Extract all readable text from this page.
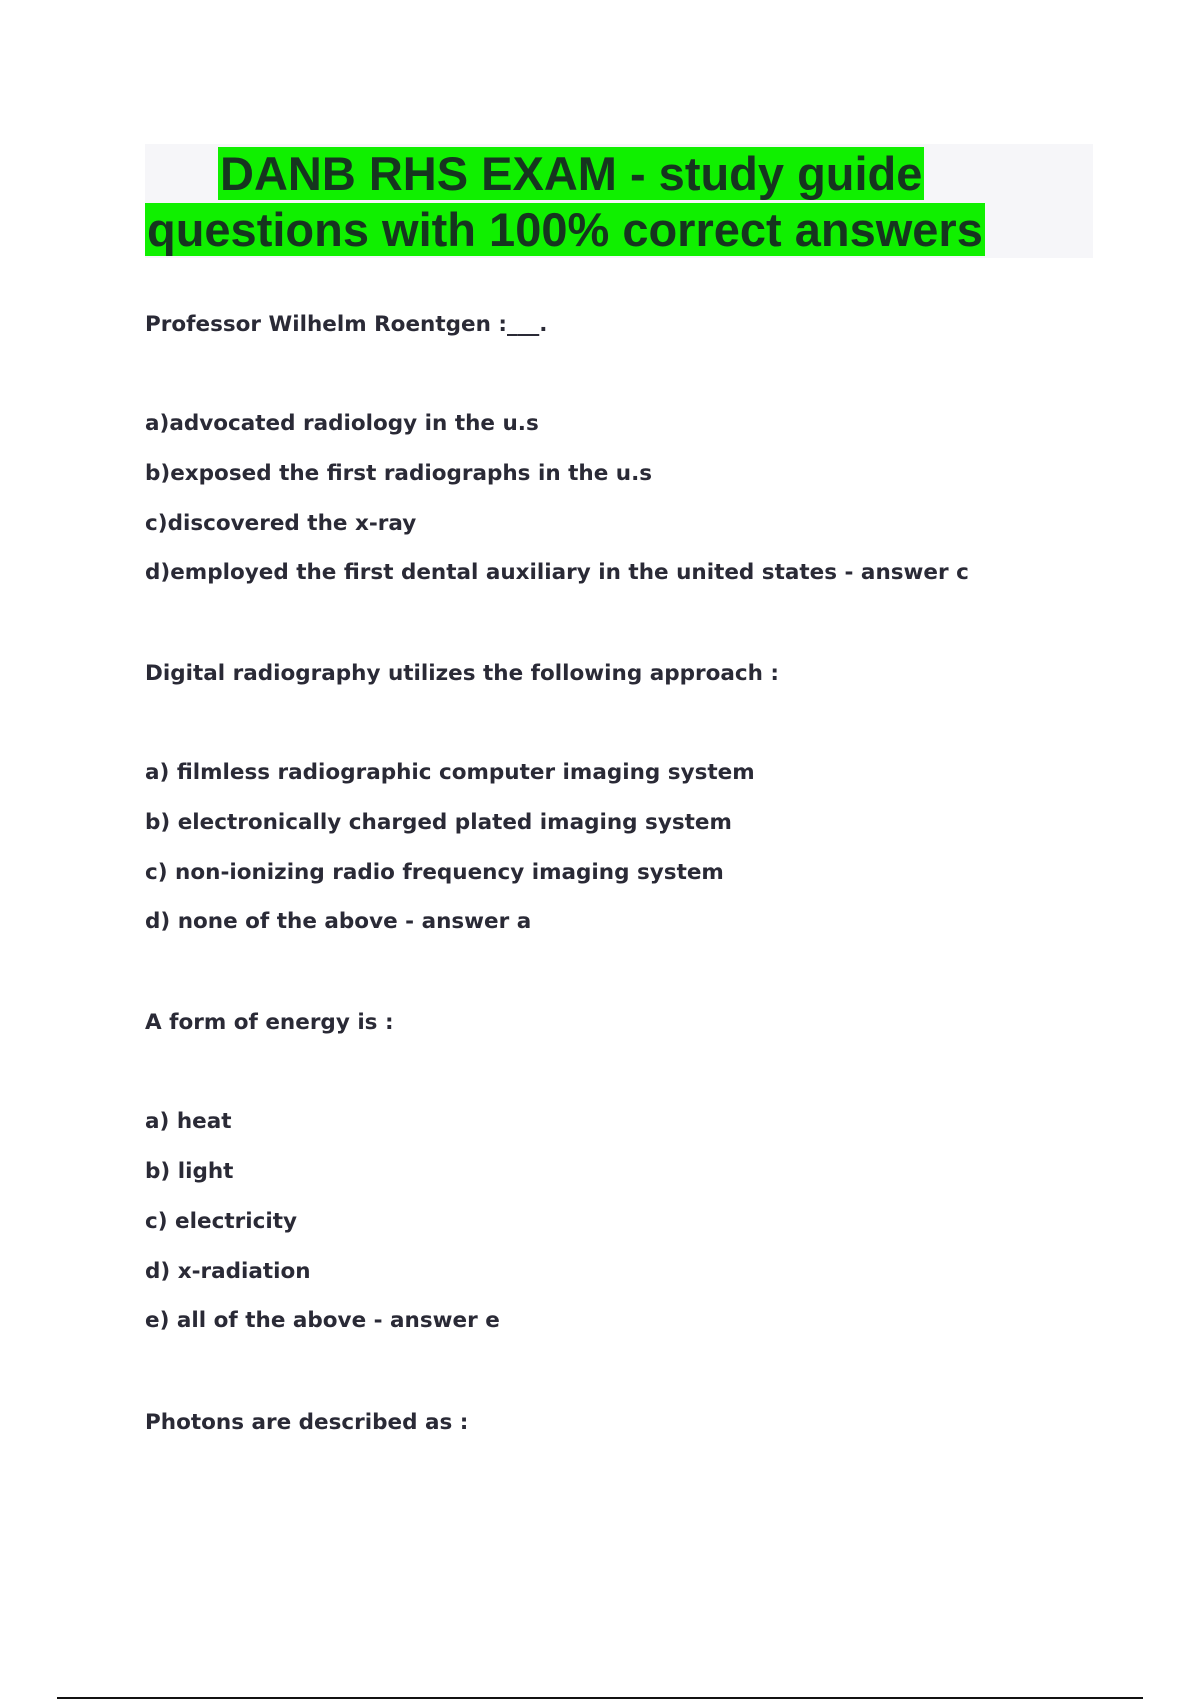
DANB RHS EXAM - study guide
questions with 100% correct answers
Professor Wilhelm Roentgen :___.
a)advocated radiology in the u.s
b)exposed the first radiographs in the u.s
c)discovered the x-ray
d)employed the first dental auxiliary in the united states - answer c
Digital radiography utilizes the following approach :
a) filmless radiographic computer imaging system
b) electronically charged plated imaging system
c) non-ionizing radio frequency imaging system
d) none of the above - answer a
A form of energy is :
a) heat
b) light
c) electricity
d) x-radiation
e) all of the above - answer e
Photons are described as :
